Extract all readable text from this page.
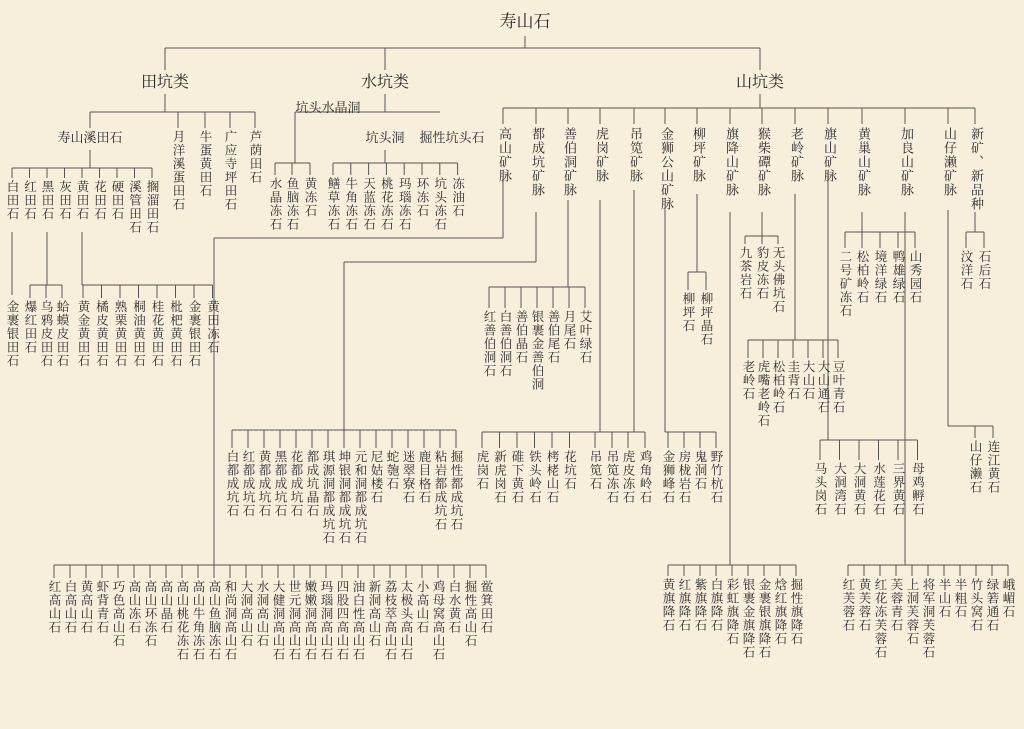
寿山石
田坑类	水坑类	山坑类
寿山溪田石	月洋溪蛋田石 牛蛋黄田石 广应寺坪田石 芦荫田石
白田石 红田石 黑田石 灰田石 黄田石 花田石 硬田石 溪管田石 搁溜田石
金裹银田石 爆红田石 乌鸦皮田石 蛤蟆皮田石 黄金黄田石 橘皮黄田石 熟栗黄田石 桐油黄田石 桂花黄田石 枇杷黄田石 金裹银田石 黄田冻石
坑头水晶洞
坑头洞 掘性坑头石
水晶冻石 鱼脑冻石 黄冻石 鳝草冻石 牛角冻石 天蓝冻石 桃花冻石 玛瑙冻石 环冻石 坑头冻石 冻油石
高山矿脉 都成坑矿脉 善伯洞矿脉 虎岗矿脉 吊笕矿脉 金狮公山矿脉 柳坪矿脉 旗降山矿脉 猴柴磹矿脉 老岭矿脉 旗山矿脉 黄巢山矿脉 加良山矿脉 山仔濑矿脉 新矿、新品种
柳坪石 柳坪晶石
九茶岩石 豹皮冻石 无头佛坑石	二号矿冻石 松柏岭石 境洋绿石 鸭雄绿石 山秀园石	汶洋石 石后石
红善伯洞石 白善伯洞石 善伯晶石 银裹金善伯洞 善伯尾石 月尾石 艾叶绿石
老岭石 虎嘴老岭石 松柏岭石 圭背石 大山石 大山通石 豆叶青石
马头岗石 大洞湾石 大洞黄石 水莲花石 三界黄石 母鸡孵石	山仔濑石 连江黄石
虎岗石 新虎岗石 碓下黄石 铁头岭石 栲栳山石 花坑石 吊笕石 吊笕冻石 虎皮冻石 鸡角岭石 金狮峰石 房栊岩石 鬼洞石 野竹杭石
白都成坑石 红都成坑石 黄都成坑石 黑都成坑石 花都成坑石 都成坑晶石 琪源洞都成坑石 坤银洞都成坑石 元和洞都成坑石 尼姑楼石 蛇匏石 迷翠寮石 鹿目格石 粘岩都成坑石 掘性都成坑石
红高山石 白高山石 黄高山石 虾背青石 巧色高山石 高山冻石 高山环冻石 高山晶石 高山桃花冻石 高山牛角冻石 高山鱼脑冻石 和尚洞高山石 大洞高山石 水洞高山石 大健洞高山石 世元洞高山石 嫩嫩洞高山石 玛瑙洞高山石 四股四高山石 油白性高山石 新洞高山石 荔枝萃高山石 太极头高山石 小高山石 鸡母窝高山石 白水黄石 掘性高山石 鲎箕田石	黄旗降石 红旗降石 紫旗降石 白旗降石 彩虹旗降石 银裹金旗降石 金裹银旗降石 焓红旗降石 掘性旗降石	红芙蓉石 黄芙蓉石 红花冻芙蓉石 芙蓉青石 上洞芙蓉石 将军洞芙蓉石 半山石 半粗石 竹头窝石 绿箬通石 峨嵋石
